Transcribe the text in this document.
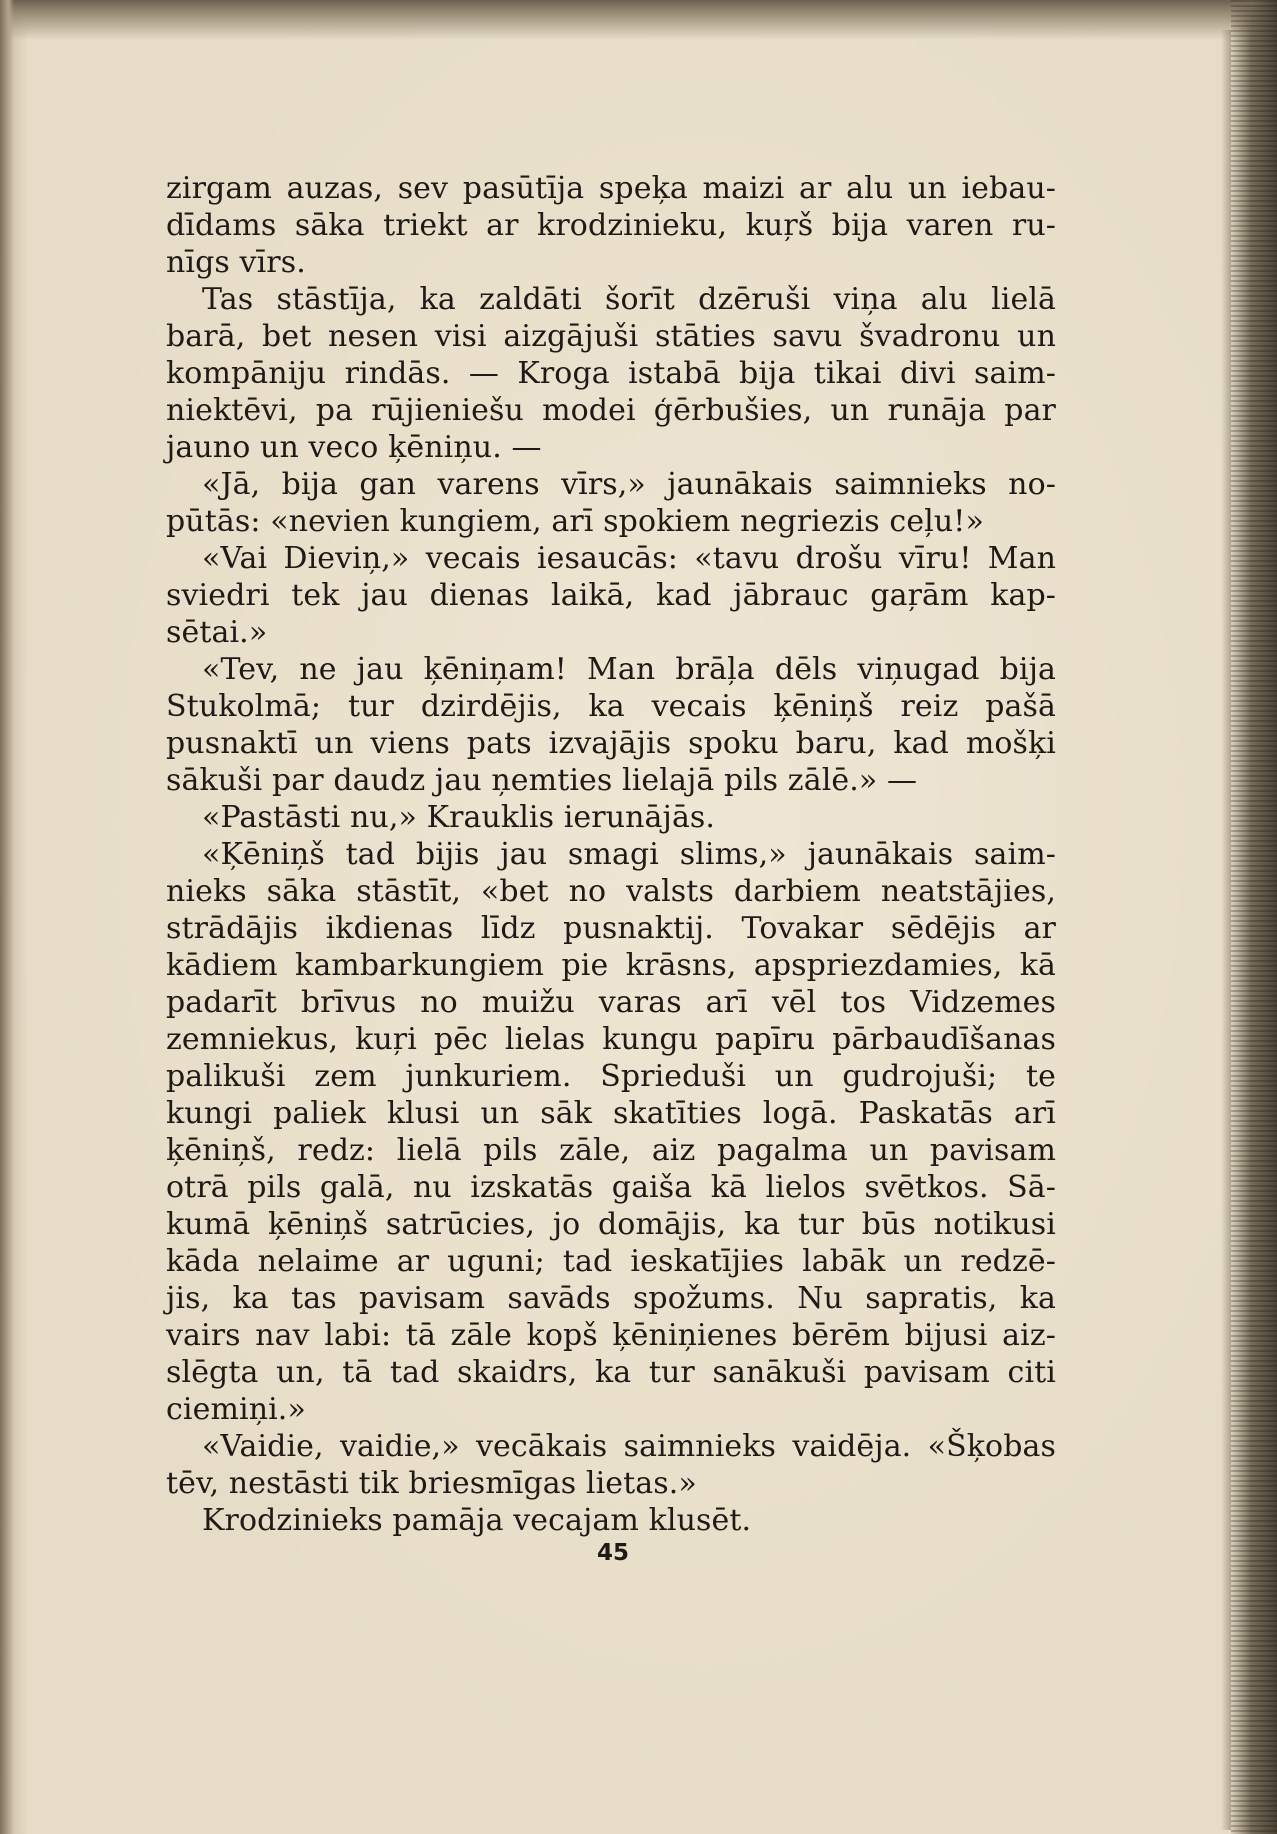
zirgam auzas, sev pasūtīja speķa maizi ar alu un iebau-
dīdams sāka triekt ar krodzinieku, kuŗš bija varen ru-
nīgs vīrs.
Tas stāstīja, ka zaldāti šorīt dzēruši viņa alu lielā
barā, bet nesen visi aizgājuši stāties savu švadronu un
kompāniju rindās. — Kroga istabā bija tikai divi saim-
niektēvi, pa rūjieniešu modei ģērbušies, un runāja par
jauno un veco ķēniņu. —
«Jā, bija gan varens vīrs,» jaunākais saimnieks no-
pūtās: «nevien kungiem, arī spokiem negriezis ceļu!»
«Vai Dieviņ,» vecais iesaucās: «tavu drošu vīru! Man
sviedri tek jau dienas laikā, kad jābrauc gaŗām kap-
sētai.»
«Tev, ne jau ķēniņam! Man brāļa dēls viņugad bija
Stukolmā; tur dzirdējis, ka vecais ķēniņš reiz pašā
pusnaktī un viens pats izvajājis spoku baru, kad mošķi
sākuši par daudz jau ņemties lielajā pils zālē.» —
«Pastāsti nu,» Krauklis ierunājās.
«Ķēniņš tad bijis jau smagi slims,» jaunākais saim-
nieks sāka stāstīt, «bet no valsts darbiem neatstājies,
strādājis ikdienas līdz pusnaktij. Tovakar sēdējis ar
kādiem kambarkungiem pie krāsns, apspriezdamies, kā
padarīt brīvus no muižu varas arī vēl tos Vidzemes
zemniekus, kuŗi pēc lielas kungu papīru pārbaudīšanas
palikuši zem junkuriem. Sprieduši un gudrojuši; te
kungi paliek klusi un sāk skatīties logā. Paskatās arī
ķēniņš, redz: lielā pils zāle, aiz pagalma un pavisam
otrā pils galā, nu izskatās gaiša kā lielos svētkos. Sā-
kumā ķēniņš satrūcies, jo domājis, ka tur būs notikusi
kāda nelaime ar uguni; tad ieskatījies labāk un redzē-
jis, ka tas pavisam savāds spožums. Nu sapratis, ka
vairs nav labi: tā zāle kopš ķēniņienes bērēm bijusi aiz-
slēgta un, tā tad skaidrs, ka tur sanākuši pavisam citi
ciemiņi.»
«Vaidie, vaidie,» vecākais saimnieks vaidēja. «Šķobas
tēv, nestāsti tik briesmīgas lietas.»
Krodzinieks pamāja vecajam klusēt.
45
